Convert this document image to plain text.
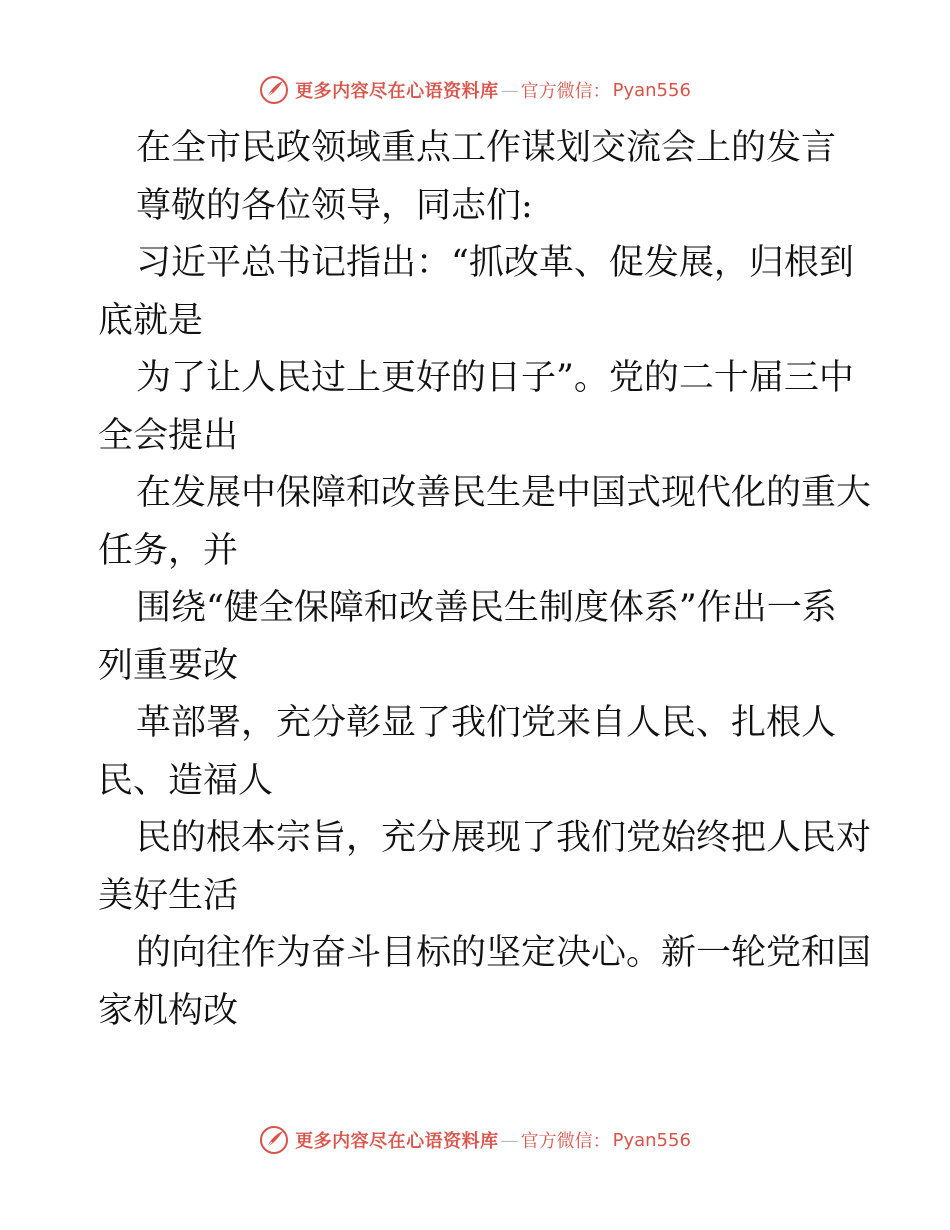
更多内容尽在心语资料库 — 官方微信： Pyan556
在全市民政领域重点工作谋划交流会上的发言
尊敬的各位领导，同志们:
习近平总书记指出：“抓改革、促发展，归根到
底就是
为了让人民过上更好的日子”。党的二十届三中
全会提出
在发展中保障和改善民生是中国式现代化的重大
任务，并
围绕“健全保障和改善民生制度体系”作出一系
列重要改
革部署，充分彰显了我们党来自人民、扎根人
民、造福人
民的根本宗旨，充分展现了我们党始终把人民对
美好生活
的向往作为奋斗目标的坚定决心。新一轮党和国
家机构改
更多内容尽在心语资料库 — 官方微信： Pyan556
